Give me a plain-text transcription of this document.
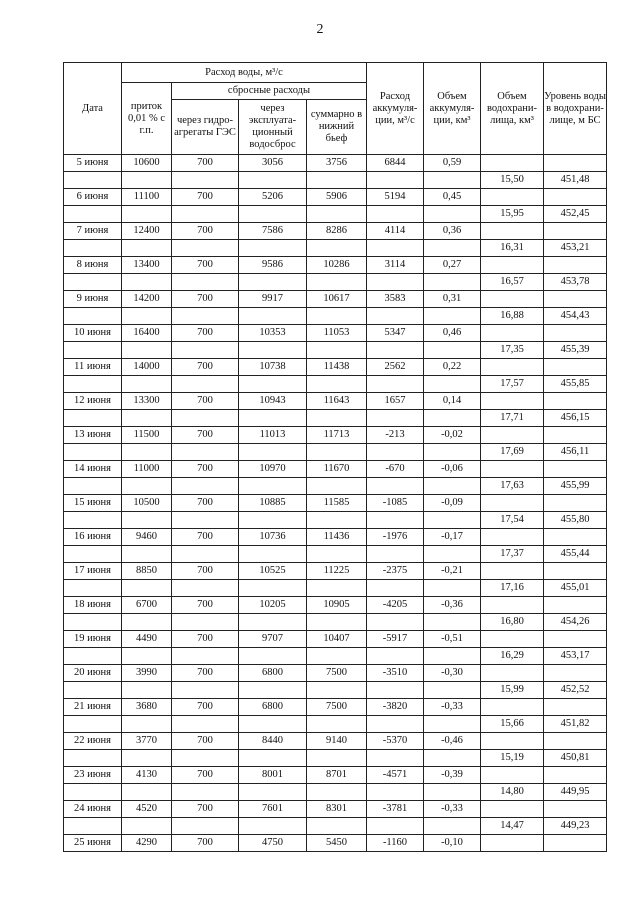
2
Дата	Расход воды, м³/с				Расход аккумуля-ции, м³/с	Объем аккумуля-ции, км³	Объем водохрани-лища, км³	Уровень воды в водохрани-лище, м БС
	приток 0,01 % с г.п.	сбросные расходы						
		через гидро-агрегаты ГЭС	через эксплуата-ционный водосброс	суммарно в нижний бьеф				
5 июня	10600	700	3056	3756	6844	0,59		
							15,50	451,48
6 июня	11100	700	5206	5906	5194	0,45		
							15,95	452,45
7 июня	12400	700	7586	8286	4114	0,36		
							16,31	453,21
8 июня	13400	700	9586	10286	3114	0,27		
							16,57	453,78
9 июня	14200	700	9917	10617	3583	0,31		
							16,88	454,43
10 июня	16400	700	10353	11053	5347	0,46		
							17,35	455,39
11 июня	14000	700	10738	11438	2562	0,22		
							17,57	455,85
12 июня	13300	700	10943	11643	1657	0,14		
							17,71	456,15
13 июня	11500	700	11013	11713	-213	-0,02		
							17,69	456,11
14 июня	11000	700	10970	11670	-670	-0,06		
							17,63	455,99
15 июня	10500	700	10885	11585	-1085	-0,09		
							17,54	455,80
16 июня	9460	700	10736	11436	-1976	-0,17		
							17,37	455,44
17 июня	8850	700	10525	11225	-2375	-0,21		
							17,16	455,01
18 июня	6700	700	10205	10905	-4205	-0,36		
							16,80	454,26
19 июня	4490	700	9707	10407	-5917	-0,51		
							16,29	453,17
20 июня	3990	700	6800	7500	-3510	-0,30		
							15,99	452,52
21 июня	3680	700	6800	7500	-3820	-0,33		
							15,66	451,82
22 июня	3770	700	8440	9140	-5370	-0,46		
							15,19	450,81
23 июня	4130	700	8001	8701	-4571	-0,39		
							14,80	449,95
24 июня	4520	700	7601	8301	-3781	-0,33		
							14,47	449,23
25 июня	4290	700	4750	5450	-1160	-0,10		
